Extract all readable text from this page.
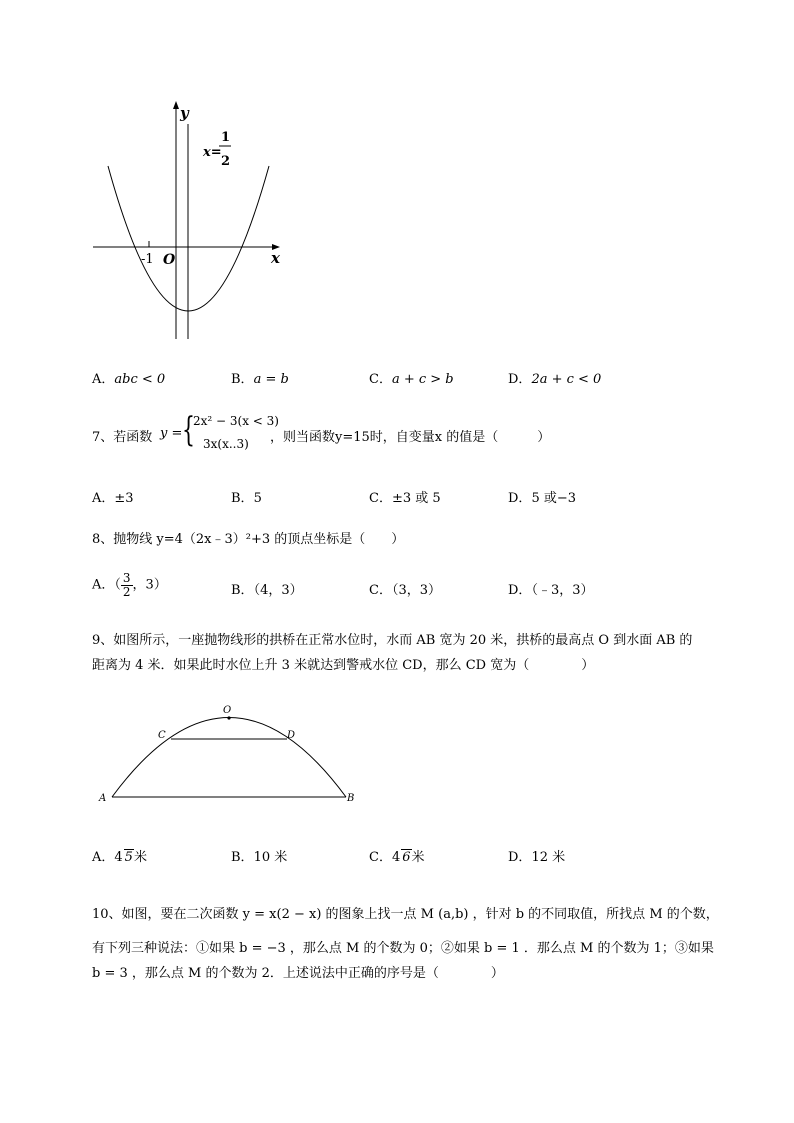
y
x
O
-1
x=
1
2
A．abc < 0	B．a = b	C．a + c > b	D．2a + c < 0
7、若函数 y = {
2x² − 3(x < 3)
3x(x..3) ，则当函数y=15时，自变量x 的值是（　　　）
A．±3	B．5	C．±3 或 5	D．5 或−3
8、抛物线 y=4（2x﹣3）²+3 的顶点坐标是（　　）
A．（ $\frac{3}{2}$ ，3）	B．（4，3）	C．（3，3）	D．（﹣3，3）
9、如图所示，一座抛物线形的拱桥在正常水位时，水而 AB 宽为 20 米，拱桥的最高点 O 到水面 AB 的
距离为 4 米．如果此时水位上升 3 米就达到警戒水位 CD，那么 CD 宽为（　　　　）
O
C	D
A	B
A．4 5米	B．10 米	C．4 6米	D．12 米
10、如图，要在二次函数 y = x(2 − x) 的图象上找一点 M (a,b) ，针对 b 的不同取值，所找点 M 的个数，
有下列三种说法：①如果 b = −3 ，那么点 M 的个数为 0；②如果 b = 1 ．那么点 M 的个数为 1；③如果
b = 3 ，那么点 M 的个数为 2．上述说法中正确的序号是（　　　　）
